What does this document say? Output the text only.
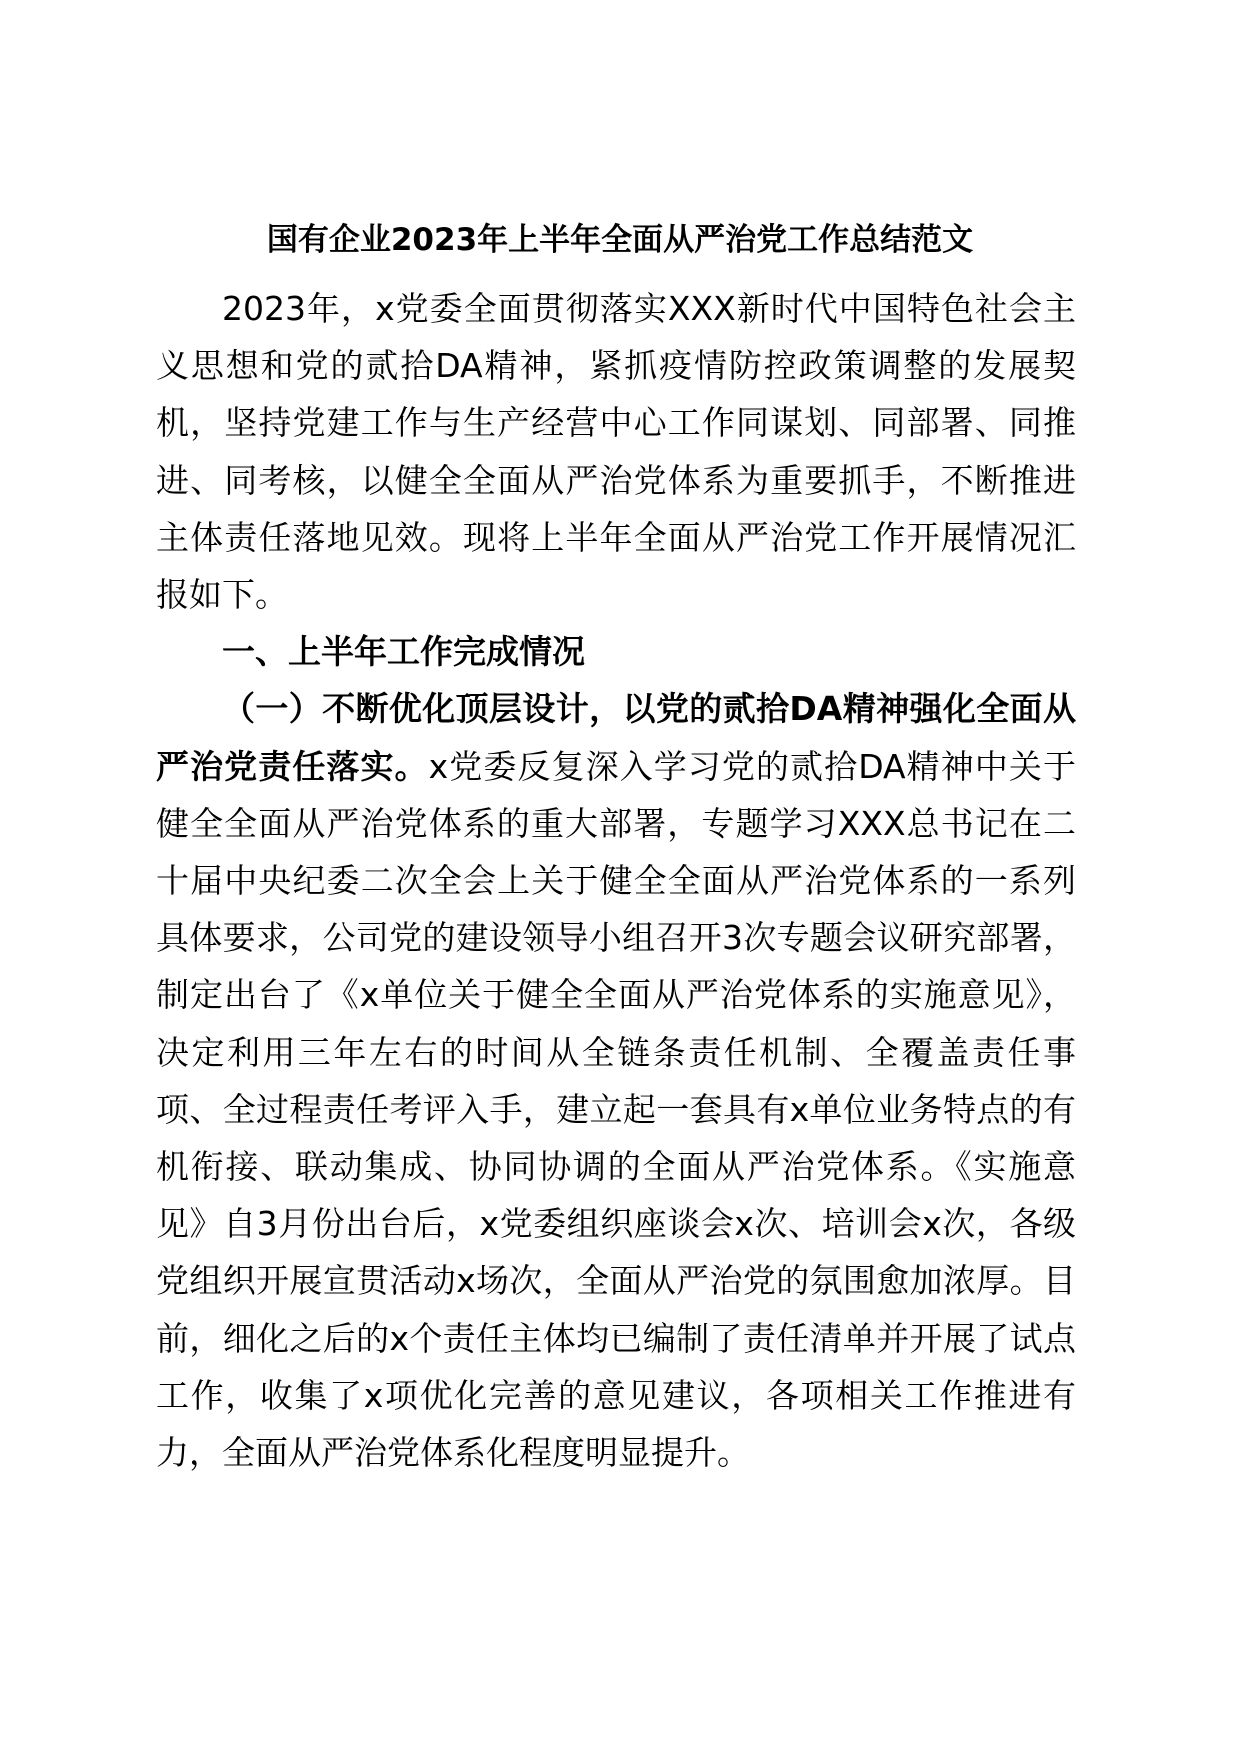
国有企业2023年上半年全面从严治党工作总结范文

2023年，x党委全面贯彻落实XXX新时代中国特色社会主义思想和党的贰拾DA精神，紧抓疫情防控政策调整的发展契机，坚持党建工作与生产经营中心工作同谋划、同部署、同推进、同考核，以健全全面从严治党体系为重要抓手，不断推进主体责任落地见效。现将上半年全面从严治党工作开展情况汇报如下。

一、上半年工作完成情况

（一）不断优化顶层设计，以党的贰拾DA精神强化全面从严治党责任落实。x党委反复深入学习党的贰拾DA精神中关于健全全面从严治党体系的重大部署，专题学习XXX总书记在二十届中央纪委二次全会上关于健全全面从严治党体系的一系列具体要求，公司党的建设领导小组召开3次专题会议研究部署，制定出台了《x单位关于健全全面从严治党体系的实施意见》，决定利用三年左右的时间从全链条责任机制、全覆盖责任事项、全过程责任考评入手，建立起一套具有x单位业务特点的有机衔接、联动集成、协同协调的全面从严治党体系。《实施意见》自3月份出台后，x党委组织座谈会x次、培训会x次，各级党组织开展宣贯活动x场次，全面从严治党的氛围愈加浓厚。目前，细化之后的x个责任主体均已编制了责任清单并开展了试点工作，收集了x项优化完善的意见建议，各项相关工作推进有力，全面从严治党体系化程度明显提升。
